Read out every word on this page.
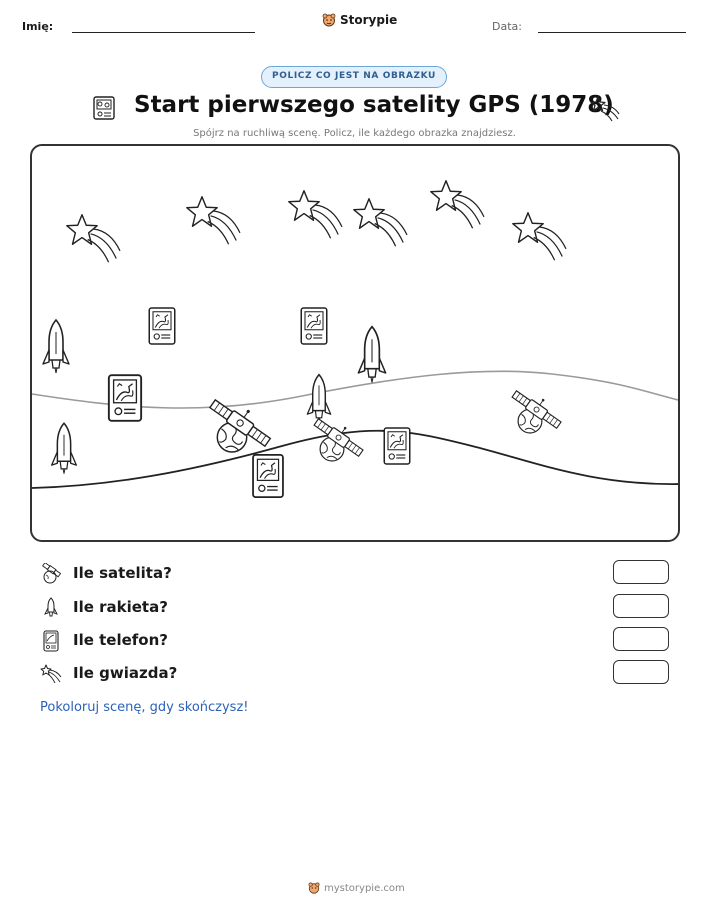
Imię:	Storypie	Data:
POLICZ CO JEST NA OBRAZKU
Start pierwszego satelity GPS (1978)
Spójrz na ruchliwą scenę. Policz, ile każdego obrazka znajdziesz.
Ile satelita?
Ile rakieta?
Ile telefon?
Ile gwiazda?
Pokoloruj scenę, gdy skończysz!
mystorypie.com
